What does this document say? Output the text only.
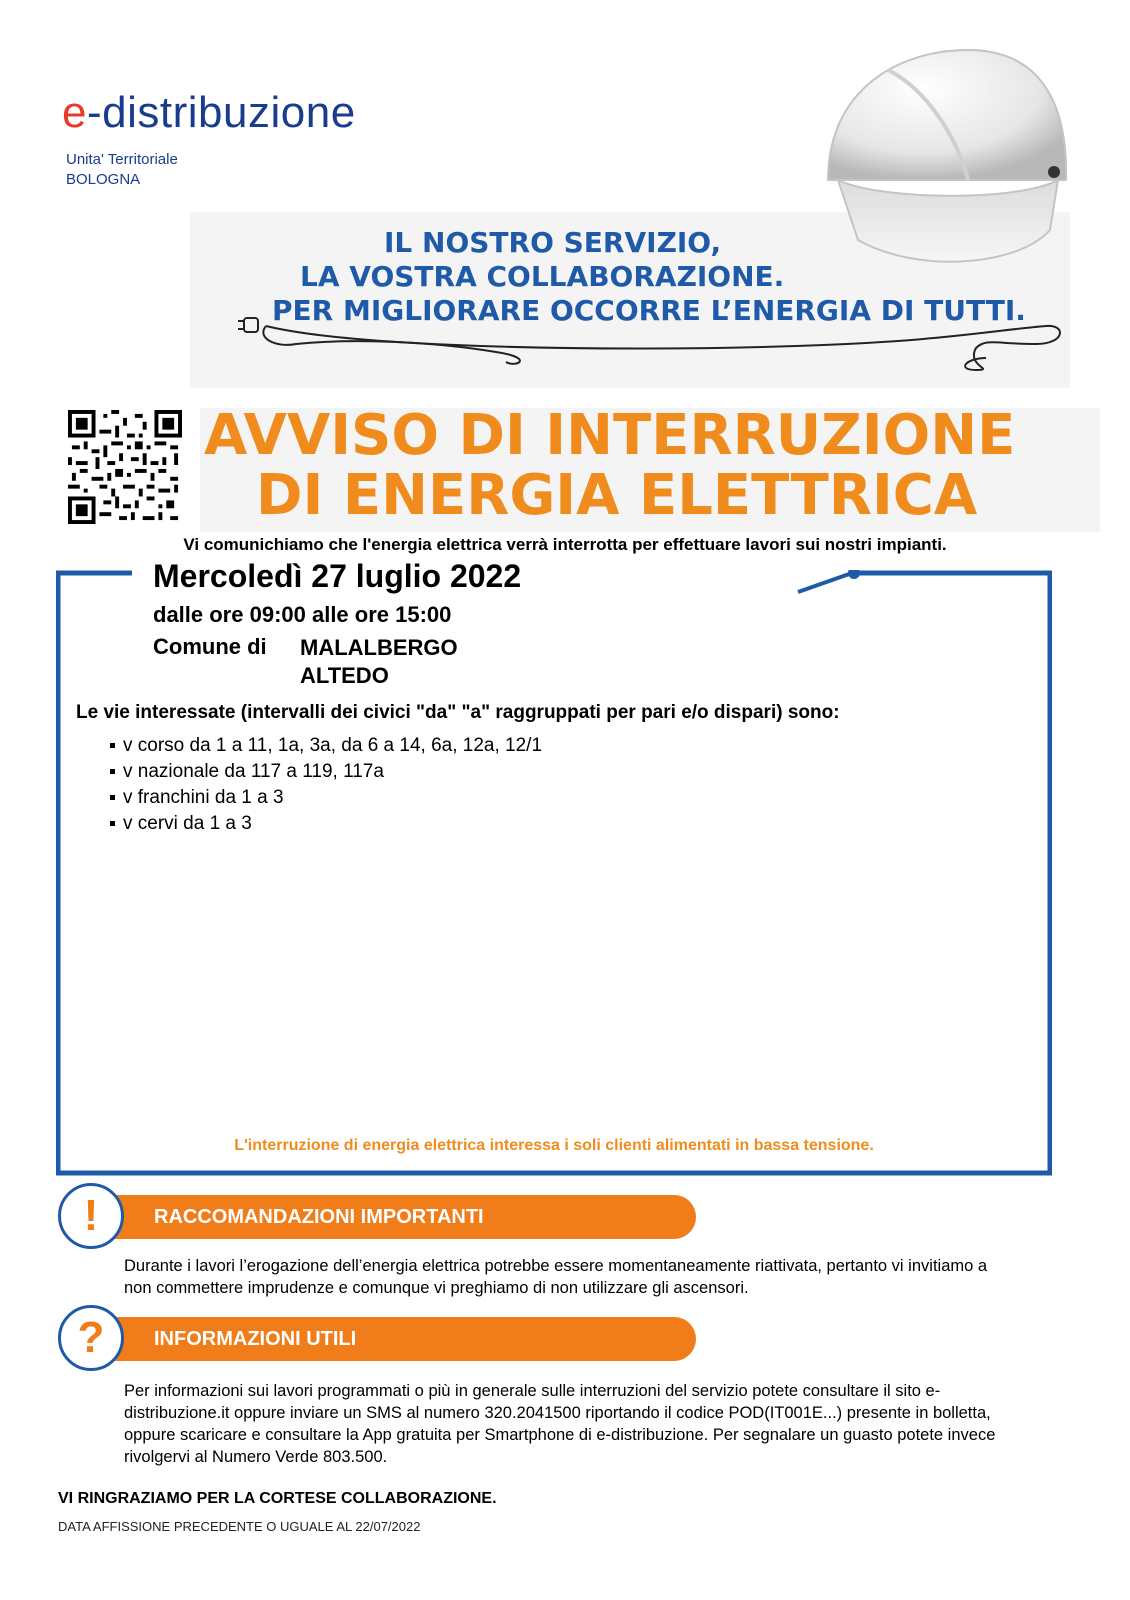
e-distribuzione
Unita' Territoriale
BOLOGNA
IL NOSTRO SERVIZIO,
LA VOSTRA COLLABORAZIONE.
PER MIGLIORARE OCCORRE L’ENERGIA DI TUTTI.
AVVISO DI INTERRUZIONE
DI ENERGIA ELETTRICA
Vi comunichiamo che l'energia elettrica verrà interrotta per effettuare lavori sui nostri impianti.
Mercoledì 27 luglio 2022
dalle ore 09:00 alle ore 15:00
Comune di MALALBERGO
ALTEDO
Le vie interessate (intervalli dei civici "da" "a" raggruppati per pari e/o dispari) sono:
v corso da 1 a 11, 1a, 3a, da 6 a 14, 6a, 12a, 12/1
v nazionale da 117 a 119, 117a
v franchini da 1 a 3
v cervi da 1 a 3
L'interruzione di energia elettrica interessa i soli clienti alimentati in bassa tensione.
RACCOMANDAZIONI IMPORTANTI
!
Durante i lavori l’erogazione dell’energia elettrica potrebbe essere momentaneamente riattivata, pertanto vi invitiamo a non commettere imprudenze e comunque vi preghiamo di non utilizzare gli ascensori.
INFORMAZIONI UTILI
?
Per informazioni sui lavori programmati o più in generale sulle interruzioni del servizio potete consultare il sito e-distribuzione.it oppure inviare un SMS al numero 320.2041500 riportando il codice POD(IT001E...) presente in bolletta, oppure scaricare e consultare la App gratuita per Smartphone di e-distribuzione. Per segnalare un guasto potete invece rivolgervi al Numero Verde 803.500.
VI RINGRAZIAMO PER LA CORTESE COLLABORAZIONE.
DATA AFFISSIONE PRECEDENTE O UGUALE AL 22/07/2022
